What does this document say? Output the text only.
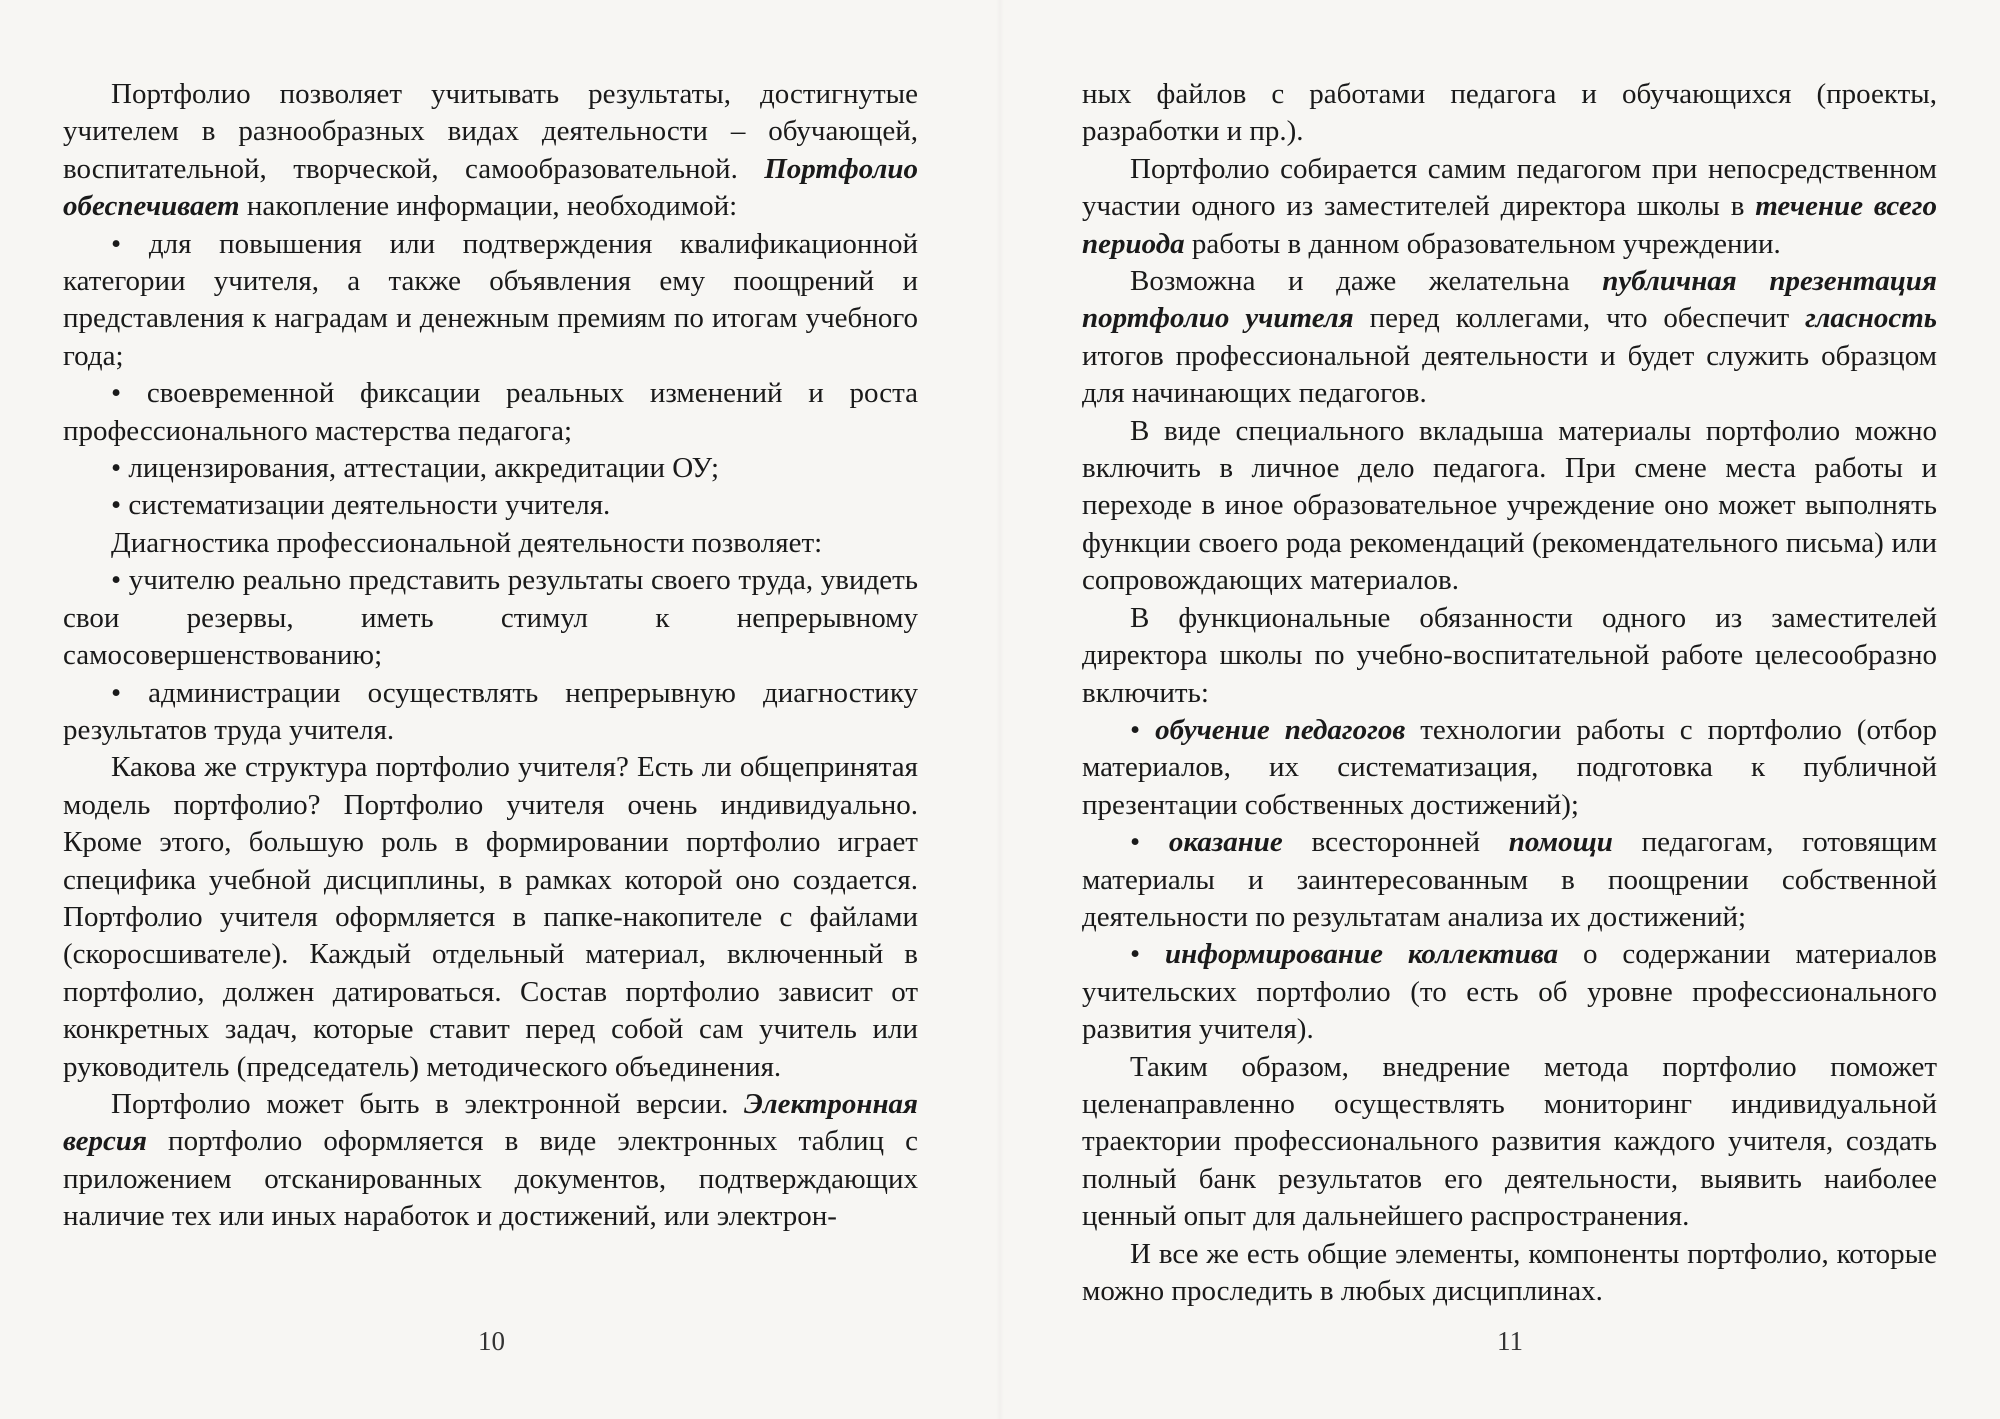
Портфолио позволяет учитывать результаты, достигнутые учителем в разнообразных видах деятельности – обучающей, воспитательной, творческой, самообразовательной. Портфолио обеспечивает накопление информации, необходимой:

• для повышения или подтверждения квалификационной категории учителя, а также объявления ему поощрений и представления к наградам и денежным премиям по итогам учебного года;

• своевременной фиксации реальных изменений и роста профессионального мастерства педагога;

• лицензирования, аттестации, аккредитации ОУ;

• систематизации деятельности учителя.

Диагностика профессиональной деятельности позволяет:

• учителю реально представить результаты своего труда, увидеть свои резервы, иметь стимул к непрерывному самосовершенствованию;

• администрации осуществлять непрерывную диагностику результатов труда учителя.

Какова же структура портфолио учителя? Есть ли общепринятая модель портфолио? Портфолио учителя очень индивидуально. Кроме этого, большую роль в формировании портфолио играет специфика учебной дисциплины, в рамках которой оно создается. Портфолио учителя оформляется в папке-накопителе с файлами (скоросшивателе). Каждый отдельный материал, включенный в портфолио, должен датироваться. Состав портфолио зависит от конкретных задач, которые ставит перед собой сам учитель или руководитель (председатель) методического объединения.

Портфолио может быть в электронной версии. Электронная версия портфолио оформляется в виде электронных таблиц с приложением отсканированных документов, подтверждающих наличие тех или иных наработок и достижений, или электрон-

10

ных файлов с работами педагога и обучающихся (проекты, разработки и пр.).

Портфолио собирается самим педагогом при непосредственном участии одного из заместителей директора школы в течение всего периода работы в данном образовательном учреждении.

Возможна и даже желательна публичная презентация портфолио учителя перед коллегами, что обеспечит гласность итогов профессиональной деятельности и будет служить образцом для начинающих педагогов.

В виде специального вкладыша материалы портфолио можно включить в личное дело педагога. При смене места работы и переходе в иное образовательное учреждение оно может выполнять функции своего рода рекомендаций (рекомендательного письма) или сопровождающих материалов.

В функциональные обязанности одного из заместителей директора школы по учебно-воспитательной работе целесообразно включить:

• обучение педагогов технологии работы с портфолио (отбор материалов, их систематизация, подготовка к публичной презентации собственных достижений);

• оказание всесторонней помощи педагогам, готовящим материалы и заинтересованным в поощрении собственной деятельности по результатам анализа их достижений;

• информирование коллектива о содержании материалов учительских портфолио (то есть об уровне профессионального развития учителя).

Таким образом, внедрение метода портфолио поможет целенаправленно осуществлять мониторинг индивидуальной траектории профессионального развития каждого учителя, создать полный банк результатов его деятельности, выявить наиболее ценный опыт для дальнейшего распространения.

И все же есть общие элементы, компоненты портфолио, которые можно проследить в любых дисциплинах.

11
